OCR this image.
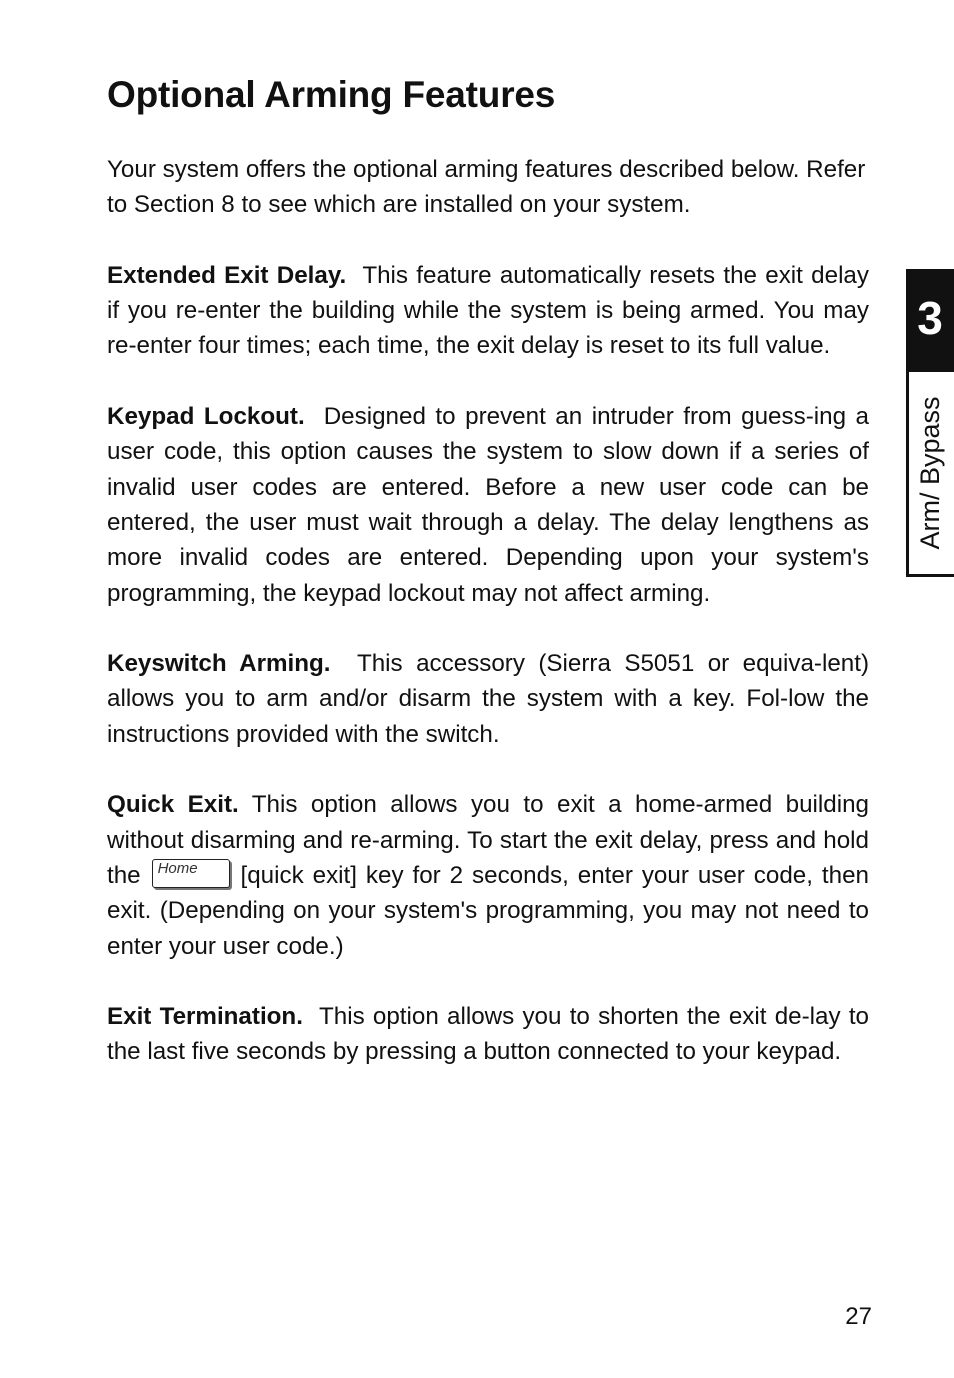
Optional Arming Features

Your system offers the optional arming features described below. Refer to Section 8 to see which are installed on your system.

Extended Exit Delay. This feature automatically resets the exit delay if you re-enter the building while the system is being armed. You may re-enter four times; each time, the exit delay is reset to its full value.

Keypad Lockout. Designed to prevent an intruder from guess-ing a user code, this option causes the system to slow down if a series of invalid user codes are entered. Before a new user code can be entered, the user must wait through a delay. The delay lengthens as more invalid codes are entered. Depending upon your system's programming, the keypad lockout may not affect arming.

Keyswitch Arming. This accessory (Sierra S5051 or equiva-lent) allows you to arm and/or disarm the system with a key. Fol-low the instructions provided with the switch.

Quick Exit. This option allows you to exit a home-armed building without disarming and re-arming. To start the exit delay, press and hold the Home [quick exit] key for 2 seconds, enter your user code, then exit. (Depending on your system's programming, you may not need to enter your user code.)

Exit Termination. This option allows you to shorten the exit de-lay to the last five seconds by pressing a button connected to your keypad.

3
Arm/ Bypass
27
